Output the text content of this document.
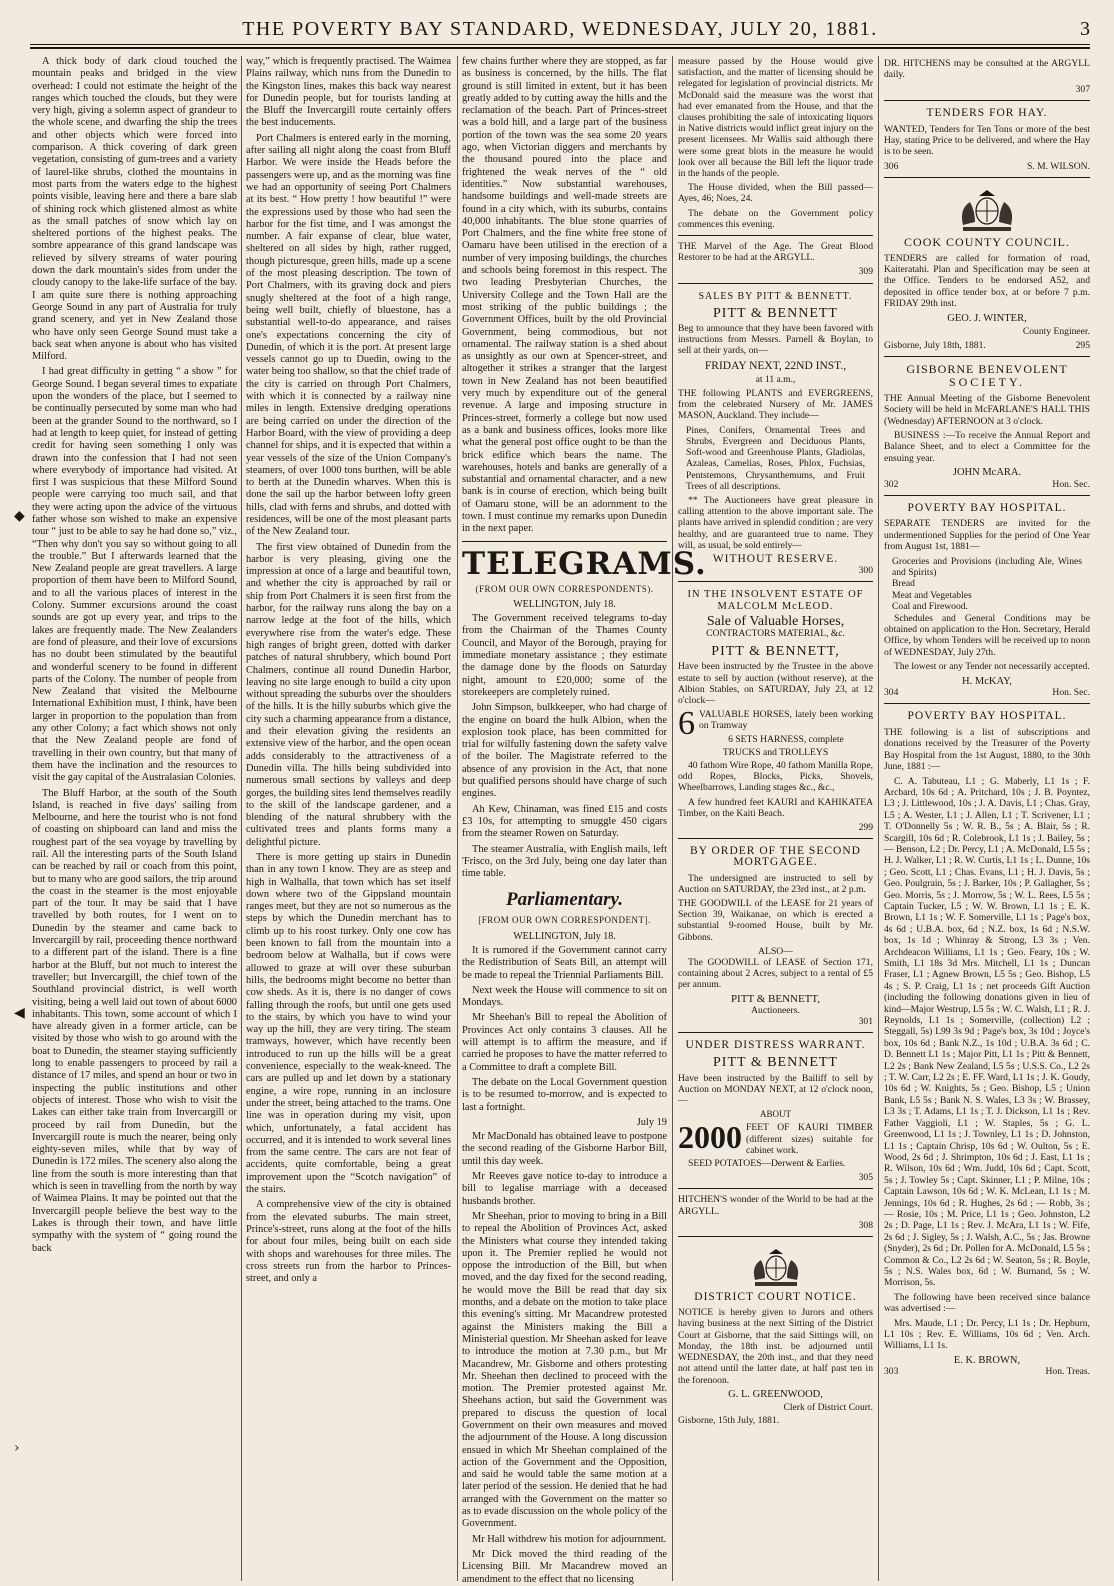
THE POVERTY BAY STANDARD, WEDNESDAY, JULY 20, 1881.	3
◆
◀
›

A thick body of dark cloud touched the mountain peaks and bridged in the view overhead: I could not estimate the height of the ranges which touched the clouds, but they were very high, giving a solemn aspect of grandeur to the whole scene, and dwarfing the ship the trees and other objects which were forced into comparison. A thick covering of dark green vegetation, consisting of gum-trees and a variety of laurel-like shrubs, clothed the mountains in most parts from the waters edge to the highest points visible, leaving here and there a bare slab of shining rock which glistened almost as white as the small patches of snow which lay on sheltered portions of the highest peaks. The sombre appearance of this grand landscape was relieved by silvery streams of water pouring down the dark mountain's sides from under the cloudy canopy to the lake-life surface of the bay. I am quite sure there is nothing approaching George Sound in any part of Australia for truly grand scenery, and yet in New Zealand those who have only seen George Sound must take a back seat when anyone is about who has visited Milford.

I had great difficulty in getting “ a show ” for George Sound. I began several times to expatiate upon the wonders of the place, but I seemed to be continually persecuted by some man who had been at the grander Sound to the northward, so I had at length to keep quiet, for instead of getting credit for having seen something I only was drawn into the confession that I had not seen where everybody of importance had visited. At first I was suspicious that these Milford Sound people were carrying too much sail, and that they were acting upon the advice of the virtuous father whose son wished to make an expensive tour “ just to be able to say he had done so,” viz., “Then why don't you say so without going to all the trouble.” But I afterwards learned that the New Zealand people are great travellers. A large proportion of them have been to Milford Sound, and to all the various places of interest in the Colony. Summer excursions around the coast sounds are got up every year, and trips to the lakes are frequently made. The New Zealanders are fond of pleasure, and their love of excursions has no doubt been stimulated by the beautiful and wonderful scenery to be found in different parts of the Colony. The number of people from New Zealand that visited the Melbourne International Exhibition must, I think, have been larger in proportion to the population than from any other Colony; a fact which shows not only that the New Zealand people are fond of travelling in their own country, but that many of them have the inclination and the resources to visit the gay capital of the Australasian Colonies.

The Bluff Harbor, at the south of the South Island, is reached in five days' sailing from Melbourne, and here the tourist who is not fond of coasting on shipboard can land and miss the roughest part of the sea voyage by travelling by rail. All the interesting parts of the South Island can be reached by rail or coach from this point, but to many who are good sailors, the trip around the coast in the steamer is the most enjoyable part of the tour. It may be said that I have travelled by both routes, for I went on to Dunedin by the steamer and came back to Invercargill by rail, proceeding thence northward to a different part of the island. There is a fine harbor at the Bluff, but not much to interest the traveller; but Invercargill, the chief town of the Southland provincial district, is well worth visiting, being a well laid out town of about 6000 inhabitants. This town, some account of which I have already given in a former article, can be visited by those who wish to go around with the boat to Dunedin, the steamer staying sufficiently long to enable passengers to proceed by rail a distance of 17 miles, and spend an hour or two in inspecting the public institutions and other objects of interest. Those who wish to visit the Lakes can either take train from Invercargill or proceed by rail from Dunedin, but the Invercargill route is much the nearer, being only eighty-seven miles, while that by way of Dunedin is 172 miles. The scenery also along the line from the south is more interesting than that which is seen in travelling from the north by way of Waimea Plains. It may be pointed out that the Invercargill people believe the best way to the Lakes is through their town, and have little sympathy with the system of “ going round the back

way,” which is frequently practised. The Waimea Plains railway, which runs from the Dunedin to the Kingston lines, makes this back way nearest for Dunedin people, but for tourists landing at the Bluff the Invercargill route certainly offers the best inducements.

Port Chalmers is entered early in the morning, after sailing all night along the coast from Bluff Harbor. We were inside the Heads before the passengers were up, and as the morning was fine we had an opportunity of seeing Port Chalmers at its best. “ How pretty ! how beautiful !” were the expressions used by those who had seen the harbor for the fist time, and I was amongst the number. A fair expanse of clear, blue water, sheltered on all sides by high, rather rugged, though picturesque, green hills, made up a scene of the most pleasing description. The town of Port Chalmers, with its graving dock and piers snugly sheltered at the foot of a high range, being well built, chiefly of bluestone, has a substantial well-to-do appearance, and raises one's expectations concerning the city of Dunedin, of which it is the port. At present large vessels cannot go up to Duedin, owing to the water being too shallow, so that the chief trade of the city is carried on through Port Chalmers, with which it is connected by a railway nine miles in length. Extensive dredging operations are being carried on under the direction of the Harbor Board, with the view of providing a deep channel for ships, and it is expected that within a year vessels of the size of the Union Company's steamers, of over 1000 tons burthen, will be able to berth at the Dunedin wharves. When this is done the sail up the harbor between lofty green hills, clad with ferns and shrubs, and dotted with residences, will be one of the most pleasant parts of the New Zealand tour.

The first view obtained of Dunedin from the harbor is very pleasing, giving one the impression at once of a large and beautiful town, and whether the city is approached by rail or ship from Port Chalmers it is seen first from the harbor, for the railway runs along the bay on a narrow ledge at the foot of the hills, which everywhere rise from the water's edge. These high ranges of bright green, dotted with darker patches of natural shrubbery, which bound Port Chalmers, continue all round Dunedin Harbor, leaving no site large enough to build a city upon without spreading the suburbs over the shoulders of the hills. It is the hilly suburbs which give the city such a charming appearance from a distance, and their elevation giving the residents an extensive view of the harbor, and the open ocean adds considerably to the attractiveness of a Dunedin villa. The hills being subdivided into numerous small sections by valleys and deep gorges, the building sites lend themselves readily to the skill of the landscape gardener, and a blending of the natural shrubbery with the cultivated trees and plants forms many a delightful picture.

There is more getting up stairs in Dunedin than in any town I know. They are as steep and high in Walhalla, that town which has set itself down where two of the Gippsland mountain ranges meet, but they are not so numerous as the steps by which the Dunedin merchant has to climb up to his roost turkey. Only one cow has been known to fall from the mountain into a bedroom below at Walhalla, but if cows were allowed to graze at will over these suburban hills, the bedrooms might become no better than cow sheds. As it is, there is no danger of cows falling through the roofs, but until one gets used to the stairs, by which you have to wind your way up the hill, they are very tiring. The steam tramways, however, which have recently been introduced to run up the hills will be a great convenience, especially to the weak-kneed. The cars are pulled up and let down by a stationary engine, a wire rope, running in an inclosure under the street, being attached to the trams. One line was in operation during my visit, upon which, unfortunately, a fatal accident has occurred, and it is intended to work several lines from the same centre. The cars are not fear of accidents, quite comfortable, being a great improvement upon the “Scotch navigation” of the stairs.

A comprehensive view of the city is obtained from the elevated suburbs. The main street, Prince's-street, runs along at the foot of the hills for about four miles, being built on each side with shops and warehouses for three miles. The cross streets run from the harbor to Princes-street, and only a

few chains further where they are stopped, as far as business is concerned, by the hills. The flat ground is still limited in extent, but it has been greatly added to by cutting away the hills and the reclamation of the beach. Part of Princes-street was a bold hill, and a large part of the business portion of the town was the sea some 20 years ago, when Victorian diggers and merchants by the thousand poured into the place and frightened the weak nerves of the “ old identities.” Now substantial warehouses, handsome buildings and well-made streets are found in a city which, with its suburbs, contains 40,000 inhabitants. The blue stone quarries of Port Chalmers, and the fine white free stone of Oamaru have been utilised in the erection of a number of very imposing buildings, the churches and schools being foremost in this respect. The two leading Presbyterian Churches, the University College and the Town Hall are the most striking of the public buildings ; the Government Offices, built by the old Provincial Government, being commodious, but not ornamental. The railway station is a shed about as unsightly as our own at Spencer-street, and altogether it strikes a stranger that the largest town in New Zealand has not been beautified very much by expenditure out of the general revenue. A large and imposing structure in Princes-street, formerly a college but now used as a bank and business offices, looks more like what the general post office ought to be than the brick edifice which bears the name. The warehouses, hotels and banks are generally of a substantial and ornamental character, and a new bank is in course of erection, which being built of Oamaru stone, will be an adornment to the town. I must continue my remarks upon Dunedin in the next paper.

TELEGRAMS.
(FROM OUR OWN CORRESPONDENTS).
WELLINGTON, July 18.

The Government received telegrams to-day from the Chairman of the Thames County Council, and Mayor of the Borough, praying for immediate monetary assistance ; they estimate the damage done by the floods on Saturday night, amount to £20,000; some of the storekeepers are completely ruined.

John Simpson, bulkkeeper, who had charge of the engine on board the hulk Albion, when the explosion took place, has been committed for trial for wilfully fastening down the safety valve of the boiler. The Magistrate referred to the absence of any provision in the Act, that none but qualified persons should have charge of such engines.

Ah Kew, Chinaman, was fined £15 and costs £3 10s, for attempting to smuggle 450 cigars from the steamer Rowen on Saturday.

The steamer Australia, with English mails, left 'Frisco, on the 3rd July, being one day later than time table.

Parliamentary.
[FROM OUR OWN CORRESPONDENT].
WELLINGTON, July 18.

It is rumored if the Government cannot carry the Redistribution of Seats Bill, an attempt will be made to repeal the Triennial Parliaments Bill.

Next week the House will commence to sit on Mondays.

Mr Sheehan's Bill to repeal the Abolition of Provinces Act only contains 3 clauses. All he will attempt is to affirm the measure, and if carried he proposes to have the matter referred to a Committee to draft a complete Bill.

The debate on the Local Government question is to be resumed to-morrow, and is expected to last a fortnight.

July 19

Mr MacDonald has obtained leave to postpone the second reading of the Gisborne Harbor Bill, until this day week.

Mr Reeves gave notice to-day to introduce a bill to legalise marriage with a deceased husbands brother.

Mr Sheehan, prior to moving to bring in a Bill to repeal the Abolition of Provinces Act, asked the Ministers what course they intended taking upon it. The Premier replied he would not oppose the introduction of the Bill, but when moved, and the day fixed for the second reading, he would move the Bill be read that day six months, and a debate on the motion to take place this evening's sitting. Mr Macandrew protested against the Ministers making the Bill a Ministerial question. Mr Sheehan asked for leave to introduce the motion at 7.30 p.m., but Mr Macandrew, Mr. Gisborne and others protesting Mr. Sheehan then declined to proceed with the motion. The Premier protested against Mr. Sheehans action, but said the Government was prepared to discuss the question of local Government on their own measures and moved the adjournment of the House. A long discussion ensued in which Mr Sheehan complained of the action of the Government and the Opposition, and said he would table the same motion at a later period of the session. He denied that he had arranged with the Government on the matter so as to evade discussion on the whole policy of the Government.

Mr Hall withdrew his motion for adjournment.

Mr Dick moved the third reading of the Licensing Bill. Mr Macandrew moved an amendment to the effect that no licensing

measure passed by the House would give satisfaction, and the matter of licensing should be relegated for legislation of provincial districts. Mr McDonald said the measure was the worst that had ever emanated from the House, and that the clauses prohibiting the sale of intoxicating liquors in Native districts would inflict great injury on the present licensees. Mr Wallis said although there were some great blots in the measure he would look over all because the Bill left the liquor trade in the hands of the people.

The House divided, when the Bill passed—Ayes, 46; Noes, 24.

The debate on the Government policy commences this evening.

THE Marvel of the Age. The Great Blood Restorer to be had at the ARGYLL.

309
SALES BY PITT & BENNETT.
PITT & BENNETT

Beg to announce that they have been favored with instructions from Messrs. Parnell & Boylan, to sell at their yards, on—

FRIDAY NEXT, 22ND INST.,
at 11 a.m.,

THE following PLANTS and EVERGREENS, from the celebrated Nursery of Mr. JAMES MASON, Auckland. They include—

Pines, Conifers, Ornamental Trees and Shrubs, Evergreen and Deciduous Plants, Soft-wood and Greenhouse Plants, Gladiolas, Azaleas, Camelias, Roses, Phlox, Fuchsias, Pentstemons, Chrysanthemums, and Fruit Trees of all descriptions.

** The Auctioneers have great pleasure in calling attention to the above important sale. The plants have arrived in splendid condition ; are very healthy, and are guaranteed true to name. They will, as usual, be sold entirely—

WITHOUT RESERVE.
300
IN THE INSOLVENT ESTATE OF MALCOLM McLEOD.
Sale of Valuable Horses,
CONTRACTORS MATERIAL, &c.
PITT & BENNETT,

Have been instructed by the Trustee in the above estate to sell by auction (without reserve), at the Albion Stables, on SATURDAY, July 23, at 12 o'clock—

6 VALUABLE HORSES, lately been working on Tramway
6 SETS HARNESS, complete
TRUCKS and TROLLEYS

40 fathom Wire Rope, 40 fathom Manilla Rope, odd Ropes, Blocks, Picks, Shovels, Wheelbarrows, Landing stages &c., &c.,

A few hundred feet KAURI and KAHIKATEA Timber, on the Kaiti Beach.

299
BY ORDER OF THE SECOND MORTGAGEE.

The undersigned are instructed to sell by Auction on SATURDAY, the 23rd inst., at 2 p.m.

THE GOODWILL of the LEASE for 21 years of Section 39, Waikanae, on which is erected a substantial 9-roomed House, built by Mr. Gibbons.

ALSO—

The GOODWILL of LEASE of Section 171, containing about 2 Acres, subject to a rental of £5 per annum.

PITT & BENNETT,
Auctioneers.
301
UNDER DISTRESS WARRANT.
PITT & BENNETT

Have been instructed by the Bailiff to sell by Auction on MONDAY NEXT, at 12 o'clock noon,—

ABOUT
2000 FEET OF KAURI TIMBER (different sizes) suitable for cabinet work.

SEED POTATOES—Derwent & Earlies.

305

HITCHEN'S wonder of the World to be had at the ARGYLL.

308
DISTRICT COURT NOTICE.

NOTICE is hereby given to Jurors and others having business at the next Sitting of the District Court at Gisborne, that the said Sittings will, on Monday, the 18th inst. be adjourned until WEDNESDAY, the 20th inst., and that they need not attend until the latter date, at half past ten in the forenoon.

G. L. GREENWOOD,
Clerk of District Court.
Gisborne, 15th July, 1881.

DR. HITCHENS may be consulted at the ARGYLL daily.

307
TENDERS FOR HAY.

WANTED, Tenders for Ten Tons or more of the best Hay, stating Price to be delivered, and where the Hay is to be seen.

306	S. M. WILSON.
COOK COUNTY COUNCIL.

TENDERS are called for formation of road, Kaiteratahi. Plan and Specification may be seen at the Office. Tenders to be endorsed A52, and deposited in office tender box, at or before 7 p.m. FRIDAY 29th inst.

GEO. J. WINTER,
County Engineer.
Gisborne, July 18th, 1881.	295
GISBORNE BENEVOLENT
SOCIETY.

THE Annual Meeting of the Gisborne Benevolent Society will be held in McFARLANE'S HALL THIS (Wednesday) AFTERNOON at 3 o'clock.

BUSINESS :—To receive the Annual Report and Balance Sheet, and to elect a Committee for the ensuing year.

JOHN McARA.
302	Hon. Sec.
POVERTY BAY HOSPITAL.

SEPARATE TENDERS are invited for the undermentioned Supplies for the period of One Year from August 1st, 1881—

Groceries and Provisions (including Ale, Wines and Spirits)
Bread
Meat and Vegetables
Coal and Firewood.

Schedules and General Conditions may be obtained on application to the Hon. Secretary, Herald Office, by whom Tenders will be received up to noon of WEDNESDAY, July 27th.

The lowest or any Tender not necessarily accepted.

H. McKAY,
304	Hon. Sec.
POVERTY BAY HOSPITAL.

THE following is a list of subscriptions and donations received by the Treasurer of the Poverty Bay Hospital from the 1st August, 1880, to the 30th June, 1881 :—

C. A. Tabuteau, L1 ; G. Maberly, L1 1s ; F. Arcbard, 10s 6d ; A. Pritchard, 10s ; J. B. Poyntez, L3 ; J. Littlewood, 10s ; J. A. Davis, L1 ; Chas. Gray, L5 ; A. Wester, L1 ; J. Allen, L1 ; T. Scrivener, L1 ; T. O'Donnelly 5s ; W. R. B., 5s ; A. Blair, 5s ; R. Scargill, 10s 6d ; R. Colebrook, L1 1s ; J. Bailey, 5s ; — Benson, L2 ; Dr. Percy, L1 ; A. McDonald, L5 5s ; H. J. Walker, L1 ; R. W. Curtis, L1 1s ; L. Dunne, 10s ; Geo. Scott, L1 ; Chas. Evans, L1 ; H. J. Davis, 5s ; Geo. Poulgrain, 5s ; J. Barker, 10s ; P. Gallagher, 5s ; Geo. Morris, 5s ; J. Morrow, 5s ; W. L. Rees, L5 5s ; Captain Tucker, L5 ; W. W. Brown, L1 1s ; E. K. Brown, L1 1s ; W. F. Somerville, L1 1s ; Page's box, 4s 6d ; U.B.A. box, 6d ; N.Z. box, 1s 6d ; N.S.W. box, 1s 1d ; Whinray & Strong, L3 3s ; Ven. Archdeacon Williams, L1 1s ; Geo. Feary, 10s ; W. Smith, L1 18s 3d Mrs. Mitchell, L1 1s ; Duncan Fraser, L1 ; Agnew Brown, L5 5s ; Geo. Bishop, L5 4s ; S. P. Craig, L1 1s ; net proceeds Gift Auction (including the following donations given in lieu of kind—Major Westrup, L5 5s ; W. C. Walsh, L1 ; R. J. Reynolds, L1 1s ; Somerville, (collection) L2 ; Steggall, 5s) L99 3s 9d ; Page's box, 3s 10d ; Joyce's box, 10s 6d ; Bank N.Z., 1s 10d ; U.B.A. 3s 6d ; C. D. Bennett L1 1s ; Major Pitt, L1 1s ; Pitt & Bennett, L2 2s ; Bank New Zealand, L5 5s ; U.S.S. Co., L2 2s ; T. W. Carr, L2 2s ; E. FF. Ward, L1 1s ; J. K. Goudy, 10s 6d ; W. Knights, 5s ; Geo. Bishop, L5 ; Union Bank, L5 5s ; Bank N. S. Wales, L3 3s ; W. Brassey, L3 3s ; T. Adams, L1 1s ; T. J. Dickson, L1 1s ; Rev. Father Vaggioli, L1 ; W. Staples, 5s ; G. L. Greenwood, L1 1s ; J. Townley, L1 1s ; D. Johnston, L1 1s ; Captain Chrisp, 10s 6d ; W. Oulton, 5s ; E. Wood, 2s 6d ; J. Shrimpton, 10s 6d ; J. East, L1 1s ; R. Wilson, 10s 6d ; Wm. Judd, 10s 6d ; Capt. Scott, 5s ; J. Towley 5s ; Capt. Skinner, L1 ; P. Milne, 10s ; Captain Lawson, 10s 6d ; W. K. McLean, L1 1s ; M. Jennings, 10s 6d ; R. Hughes, 2s 6d ; — Robb, 3s ; — Rosie, 10s ; M. Price, L1 1s ; Geo. Johnston, L2 2s ; D. Page, L1 1s ; Rev. J. McAra, L1 1s ; W. Fife, 2s 6d ; J. Sigley, 5s ; J. Walsh, A.C., 5s ; Jas. Browne (Snyder), 2s 6d ; Dr. Pollen for A. McDonald, L5 5s ; Common & Co., L2 2s 6d ; W. Seaton, 5s ; R. Boyle, 5s ; N.S. Wales box, 6d ; W. Burnand, 5s ; W. Morrison, 5s.

The following have been received since balance was advertised :—

Mrs. Maude, L1 ; Dr. Percy, L1 1s ; Dr. Hepburn, L1 10s ; Rev. E. Williams, 10s 6d ; Ven. Arch. Williams, L1 1s.

E. K. BROWN,
303	Hon. Treas.
